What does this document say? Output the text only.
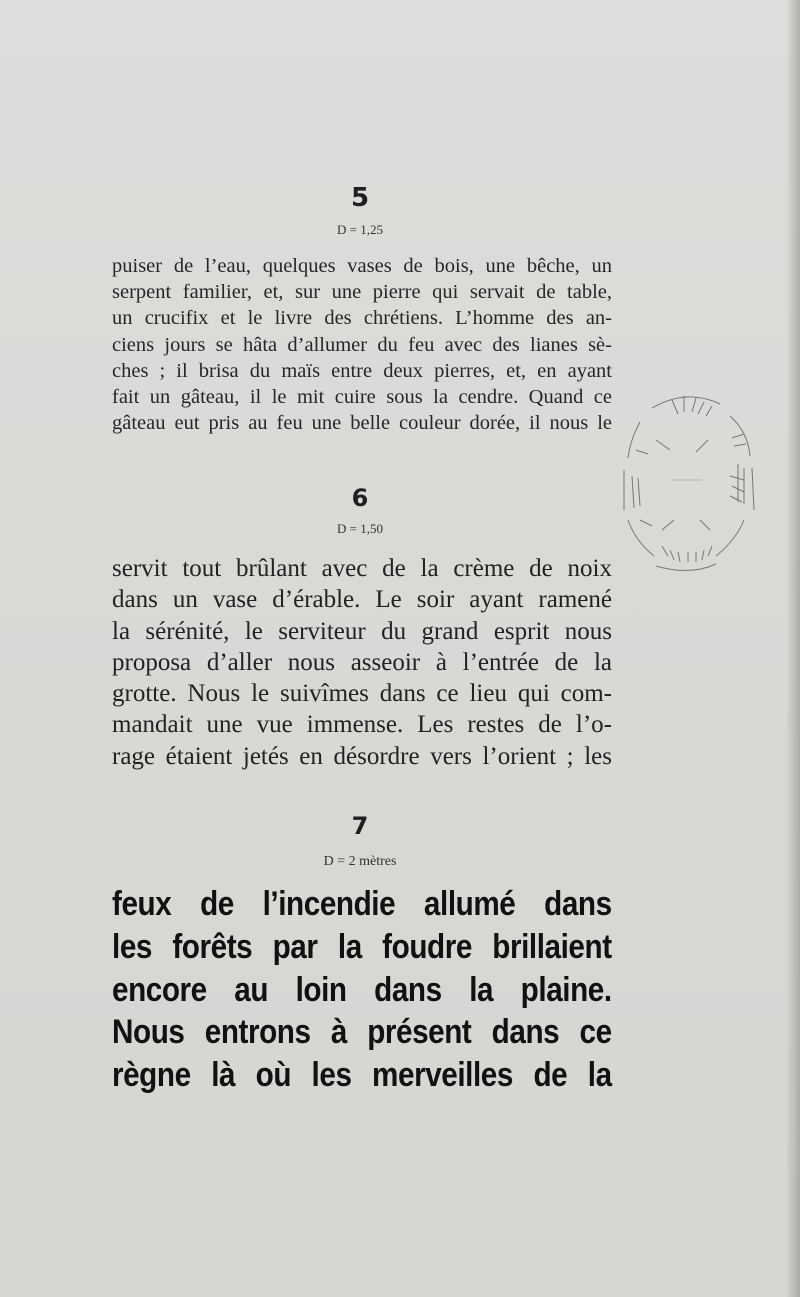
5
D = 1,25
puiser de l’eau, quelques vases de bois, une bêche, un
serpent familier, et, sur une pierre qui servait de table,
un crucifix et le livre des chrétiens. L’homme des an-
ciens jours se hâta d’allumer du feu avec des lianes sè-
ches ; il brisa du maïs entre deux pierres, et, en ayant
fait un gâteau, il le mit cuire sous la cendre. Quand ce
gâteau eut pris au feu une belle couleur dorée, il nous le
6
D = 1,50
servit tout brûlant avec de la crème de noix
dans un vase d’érable. Le soir ayant ramené
la sérénité, le serviteur du grand esprit nous
proposa d’aller nous asseoir à l’entrée de la
grotte. Nous le suivîmes dans ce lieu qui com-
mandait une vue immense. Les restes de l’o-
rage étaient jetés en désordre vers l’orient ; les
7
D = 2 mètres
feux de l’incendie allumé dans
les forêts par la foudre brillaient
encore au loin dans la plaine.
Nous entrons à présent dans ce
règne là où les merveilles de la
